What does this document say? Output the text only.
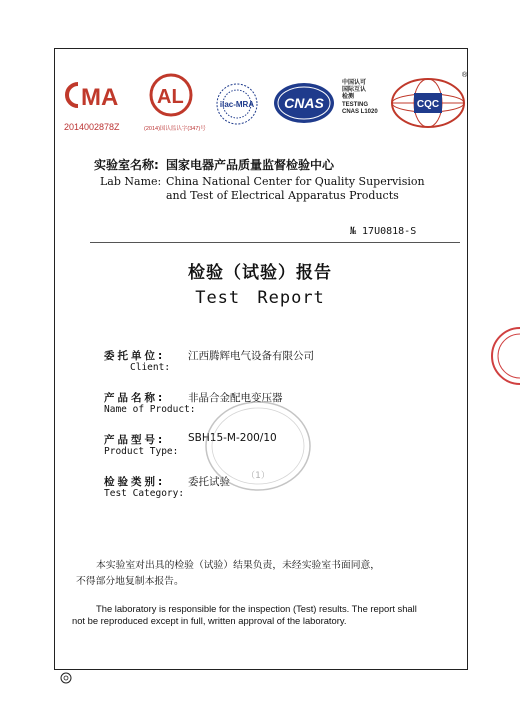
MA
2014002878Z
AL
(2014)国认监认字(347)号
ilac-MRA CNAS
中国认可
国际互认
检测
TESTING
CNAS L1020
CQC
®
实验室名称: 国家电器产品质量监督检验中心
Lab Name: China National Center for Quality Supervision
and Test of Electrical Apparatus Products
№ 17U0818-S
检验（试验）报告
Test Report
委托单位:	江西腾辉电气设备有限公司
Client:
产品名称:	非晶合金配电变压器
Name of Product:
产品型号:	SBH15-M-200/10
Product Type:
检验类别:	委托试验
Test Category:
（1）
本实验室对出具的检验（试验）结果负责，未经实验室书面同意，
不得部分地复制本报告。
The laboratory is responsible for the inspection (Test) results. The report shall
not be reproduced except in full, written approval of the laboratory.
